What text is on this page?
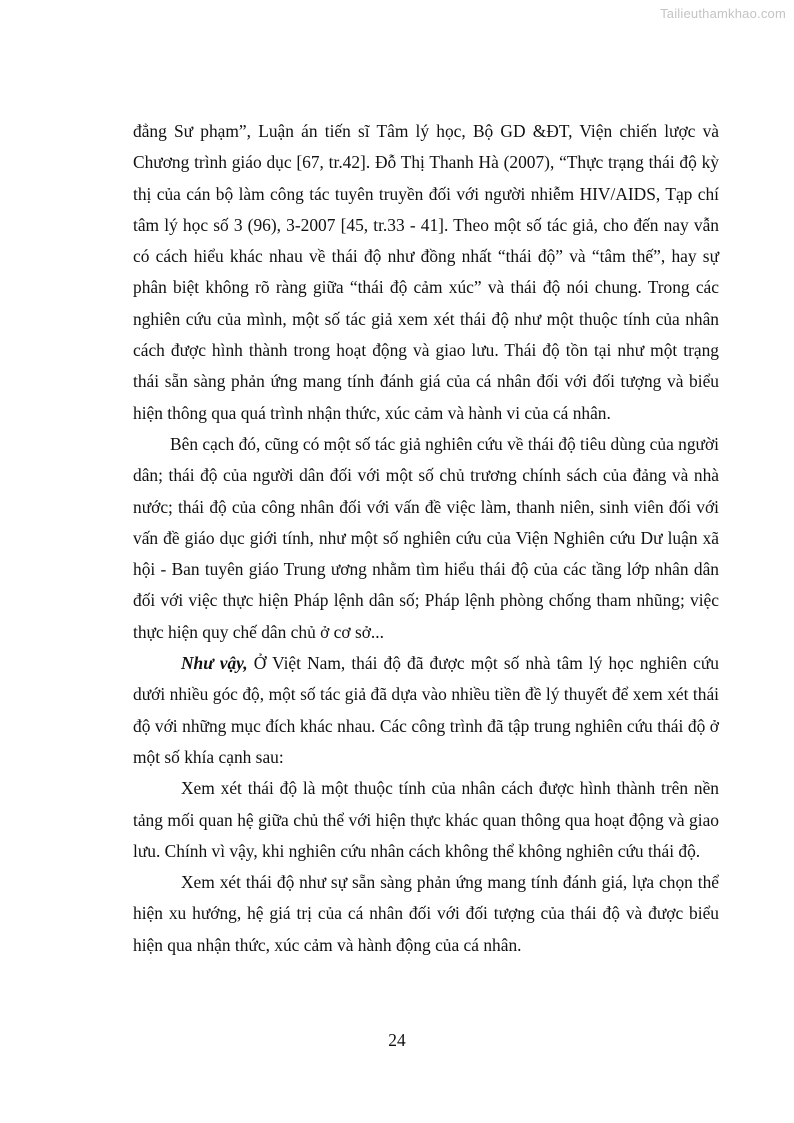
Tailieuthamkhao.com

đẳng Sư phạm”, Luận án tiến sĩ Tâm lý học, Bộ GD &ĐT, Viện chiến lược và Chương trình giáo dục [67, tr.42]. Đỗ Thị Thanh Hà (2007), “Thực trạng thái độ kỳ thị của cán bộ làm công tác tuyên truyền đối với người nhiễm HIV/AIDS, Tạp chí tâm lý học số 3 (96), 3-2007 [45, tr.33 - 41]. Theo một số tác giả, cho đến nay vẫn có cách hiểu khác nhau về thái độ như đồng nhất “thái độ” và “tâm thế”, hay sự phân biệt không rõ ràng giữa “thái độ cảm xúc” và thái độ nói chung. Trong các nghiên cứu của mình, một số tác giả xem xét thái độ như một thuộc tính của nhân cách được hình thành trong hoạt động và giao lưu. Thái độ tồn tại như một trạng thái sẵn sàng phản ứng mang tính đánh giá của cá nhân đối với đối tượng và biểu hiện thông qua quá trình nhận thức, xúc cảm và hành vi của cá nhân.

Bên cạch đó, cũng có một số tác giả nghiên cứu về thái độ tiêu dùng của người dân; thái độ của người dân đối với một số chủ trương chính sách của đảng và nhà nước; thái độ của công nhân đối với vấn đề việc làm, thanh niên, sinh viên đối với vấn đề giáo dục giới tính, như một số nghiên cứu của Viện Nghiên cứu Dư luận xã hội - Ban tuyên giáo Trung ương nhằm tìm hiểu thái độ của các tầng lớp nhân dân đối với việc thực hiện Pháp lệnh dân số; Pháp lệnh phòng chống tham nhũng; việc thực hiện quy chế dân chủ ở cơ sở...

Như vậy, Ở Việt Nam, thái độ đã được một số nhà tâm lý học nghiên cứu dưới nhiều góc độ, một số tác giả đã dựa vào nhiều tiền đề lý thuyết để xem xét thái độ với những mục đích khác nhau. Các công trình đã tập trung nghiên cứu thái độ ở một số khía cạnh sau:

Xem xét thái độ là một thuộc tính của nhân cách được hình thành trên nền tảng mối quan hệ giữa chủ thể với hiện thực khác quan thông qua hoạt động và giao lưu. Chính vì vậy, khi nghiên cứu nhân cách không thể không nghiên cứu thái độ.

Xem xét thái độ như sự sẵn sàng phản ứng mang tính đánh giá, lựa chọn thể hiện xu hướng, hệ giá trị của cá nhân đối với đối tượng của thái độ và được biểu hiện qua nhận thức, xúc cảm và hành động của cá nhân.

24
